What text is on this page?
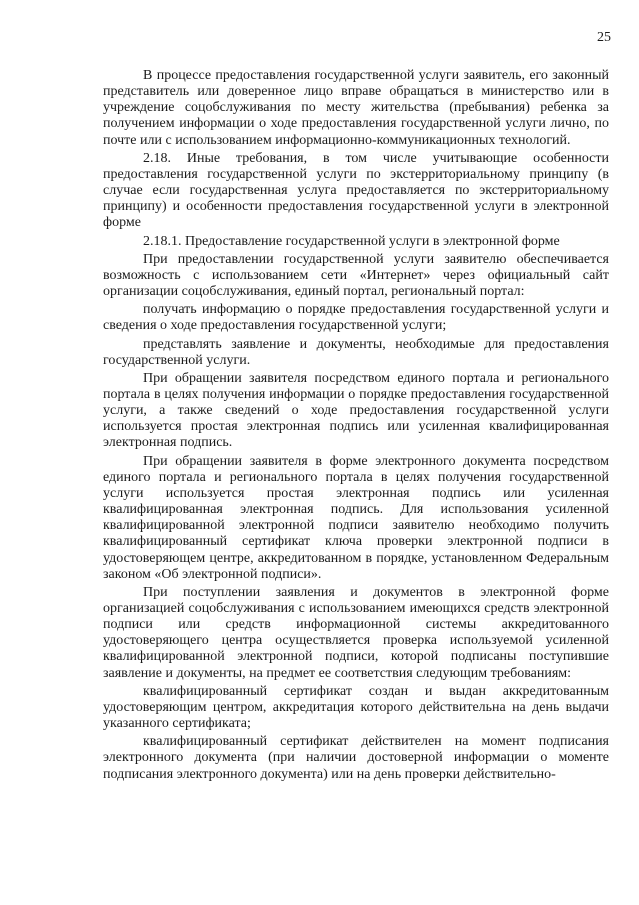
25

В процессе предоставления государственной услуги заявитель, его законный представитель или доверенное лицо вправе обращаться в министерство или в учреждение соцобслуживания по месту жительства (пребывания) ребенка за получением информации о ходе предоставления государственной услуги лично, по почте или с использованием информационно-коммуникационных технологий.

2.18. Иные требования, в том числе учитывающие особенности предоставления государственной услуги по экстерриториальному принципу (в случае если государственная услуга предоставляется по экстерриториальному принципу) и особенности предоставления государственной услуги в электронной форме

2.18.1. Предоставление государственной услуги в электронной форме

При предоставлении государственной услуги заявителю обеспечивается возможность с использованием сети «Интернет» через официальный сайт организации соцобслуживания, единый портал, региональный портал:

получать информацию о порядке предоставления государственной услуги и сведения о ходе предоставления государственной услуги;

представлять заявление и документы, необходимые для предоставления государственной услуги.

При обращении заявителя посредством единого портала и регионального портала в целях получения информации о порядке предоставления государственной услуги, а также сведений о ходе предоставления государственной услуги используется простая электронная подпись или усиленная квалифицированная электронная подпись.

При обращении заявителя в форме электронного документа посредством единого портала и регионального портала в целях получения государственной услуги используется простая электронная подпись или усиленная квалифицированная электронная подпись. Для использования усиленной квалифицированной электронной подписи заявителю необходимо получить квалифицированный сертификат ключа проверки электронной подписи в удостоверяющем центре, аккредитованном в порядке, установленном Федеральным законом «Об электронной подписи».

При поступлении заявления и документов в электронной форме организацией соцобслуживания с использованием имеющихся средств электронной подписи или средств информационной системы аккредитованного удостоверяющего центра осуществляется проверка используемой усиленной квалифицированной электронной подписи, которой подписаны поступившие заявление и документы, на предмет ее соответствия следующим требованиям:

квалифицированный сертификат создан и выдан аккредитованным удостоверяющим центром, аккредитация которого действительна на день выдачи указанного сертификата;

квалифицированный сертификат действителен на момент подписания электронного документа (при наличии достоверной информации о моменте подписания электронного документа) или на день проверки действительно-
